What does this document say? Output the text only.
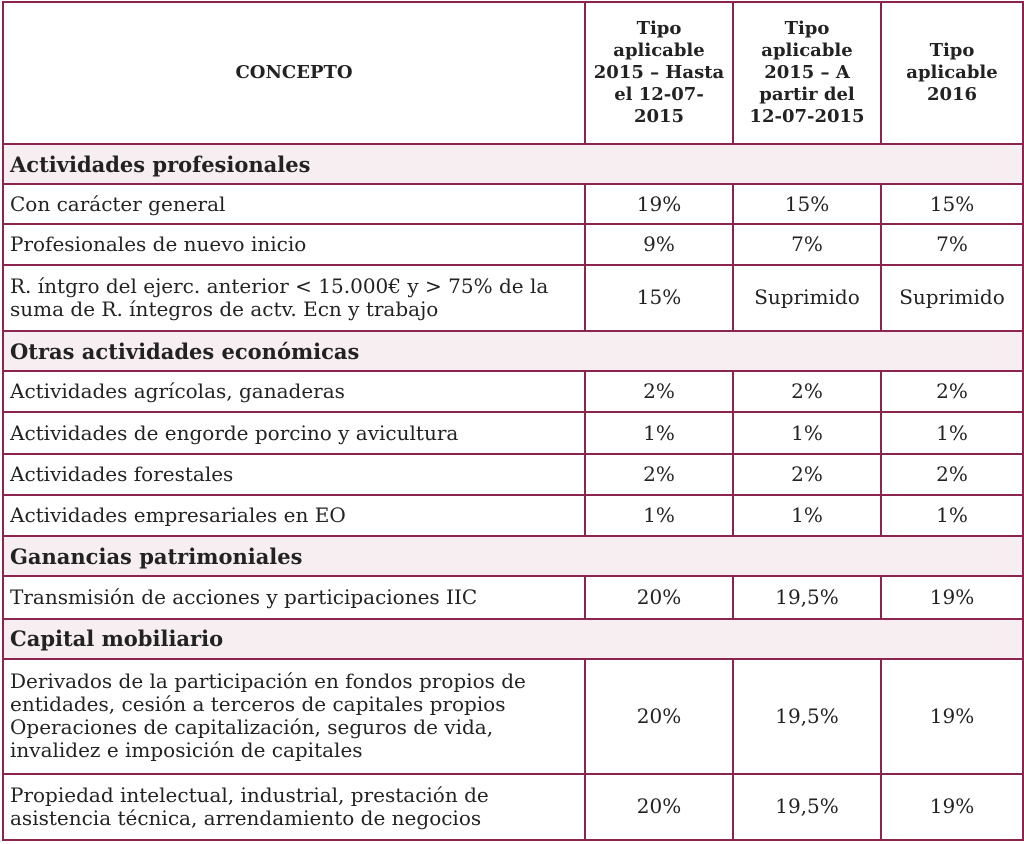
CONCEPTO	Tipo aplicable 2015 – Hasta el 12-07-2015	Tipo aplicable 2015 – A partir del 12-07-2015	Tipo aplicable 2016
Actividades profesionales			
Con carácter general	19%	15%	15%
Profesionales de nuevo inicio	9%	7%	7%
R. íntgro del ejerc. anterior < 15.000€ y > 75% de la suma de R. íntegros de actv. Ecn y trabajo	15%	Suprimido	Suprimido
Otras actividades económicas			
Actividades agrícolas, ganaderas	2%	2%	2%
Actividades de engorde porcino y avicultura	1%	1%	1%
Actividades forestales	2%	2%	2%
Actividades empresariales en EO	1%	1%	1%
Ganancias patrimoniales			
Transmisión de acciones y participaciones IIC	20%	19,5%	19%
Capital mobiliario			
Derivados de la participación en fondos propios de entidades, cesión a terceros de capitales propios Operaciones de capitalización, seguros de vida, invalidez e imposición de capitales	20%	19,5%	19%
Propiedad intelectual, industrial, prestación de asistencia técnica, arrendamiento de negocios	20%	19,5%	19%
